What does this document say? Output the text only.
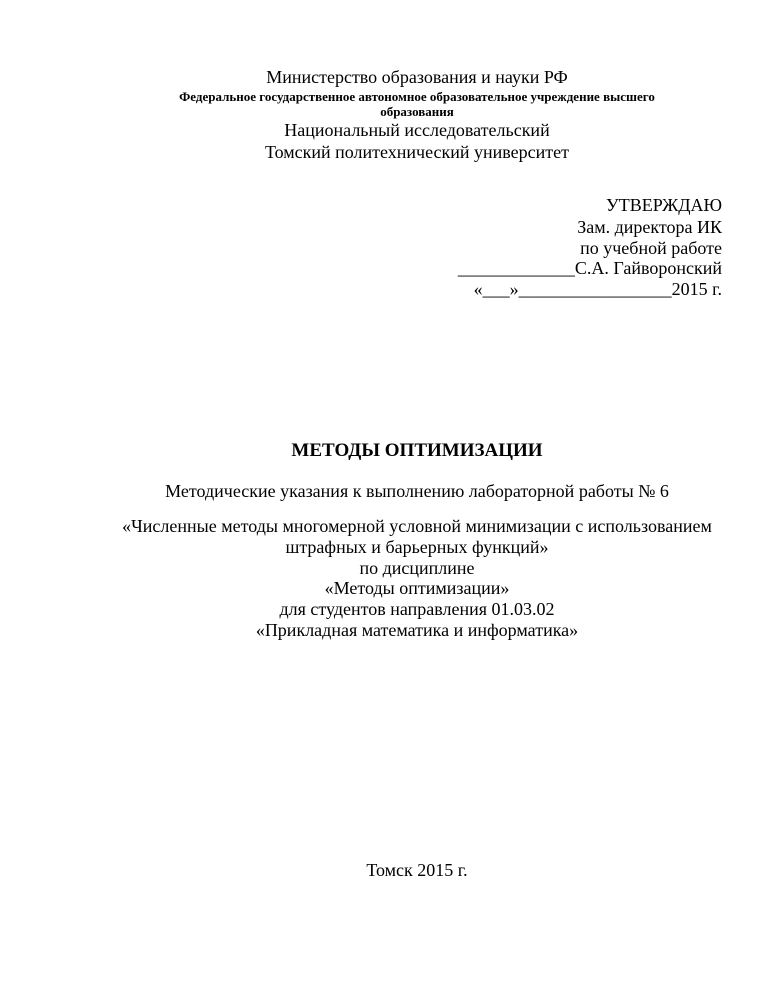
Министерство образования и науки РФ
Федеральное государственное автономное образовательное учреждение высшего
образования
Национальный исследовательский
Томский политехнический университет
УТВЕРЖДАЮ
Зам. директора ИК
по учебной работе
_____________С.А. Гайворонский
«___»_________________2015 г.
МЕТОДЫ ОПТИМИЗАЦИИ
Методические указания к выполнению лабораторной работы № 6
«Численные методы многомерной условной минимизации с использованием
штрафных и барьерных функций»
по дисциплине
«Методы оптимизации»
для студентов направления 01.03.02
«Прикладная математика и информатика»
Томск 2015 г.
